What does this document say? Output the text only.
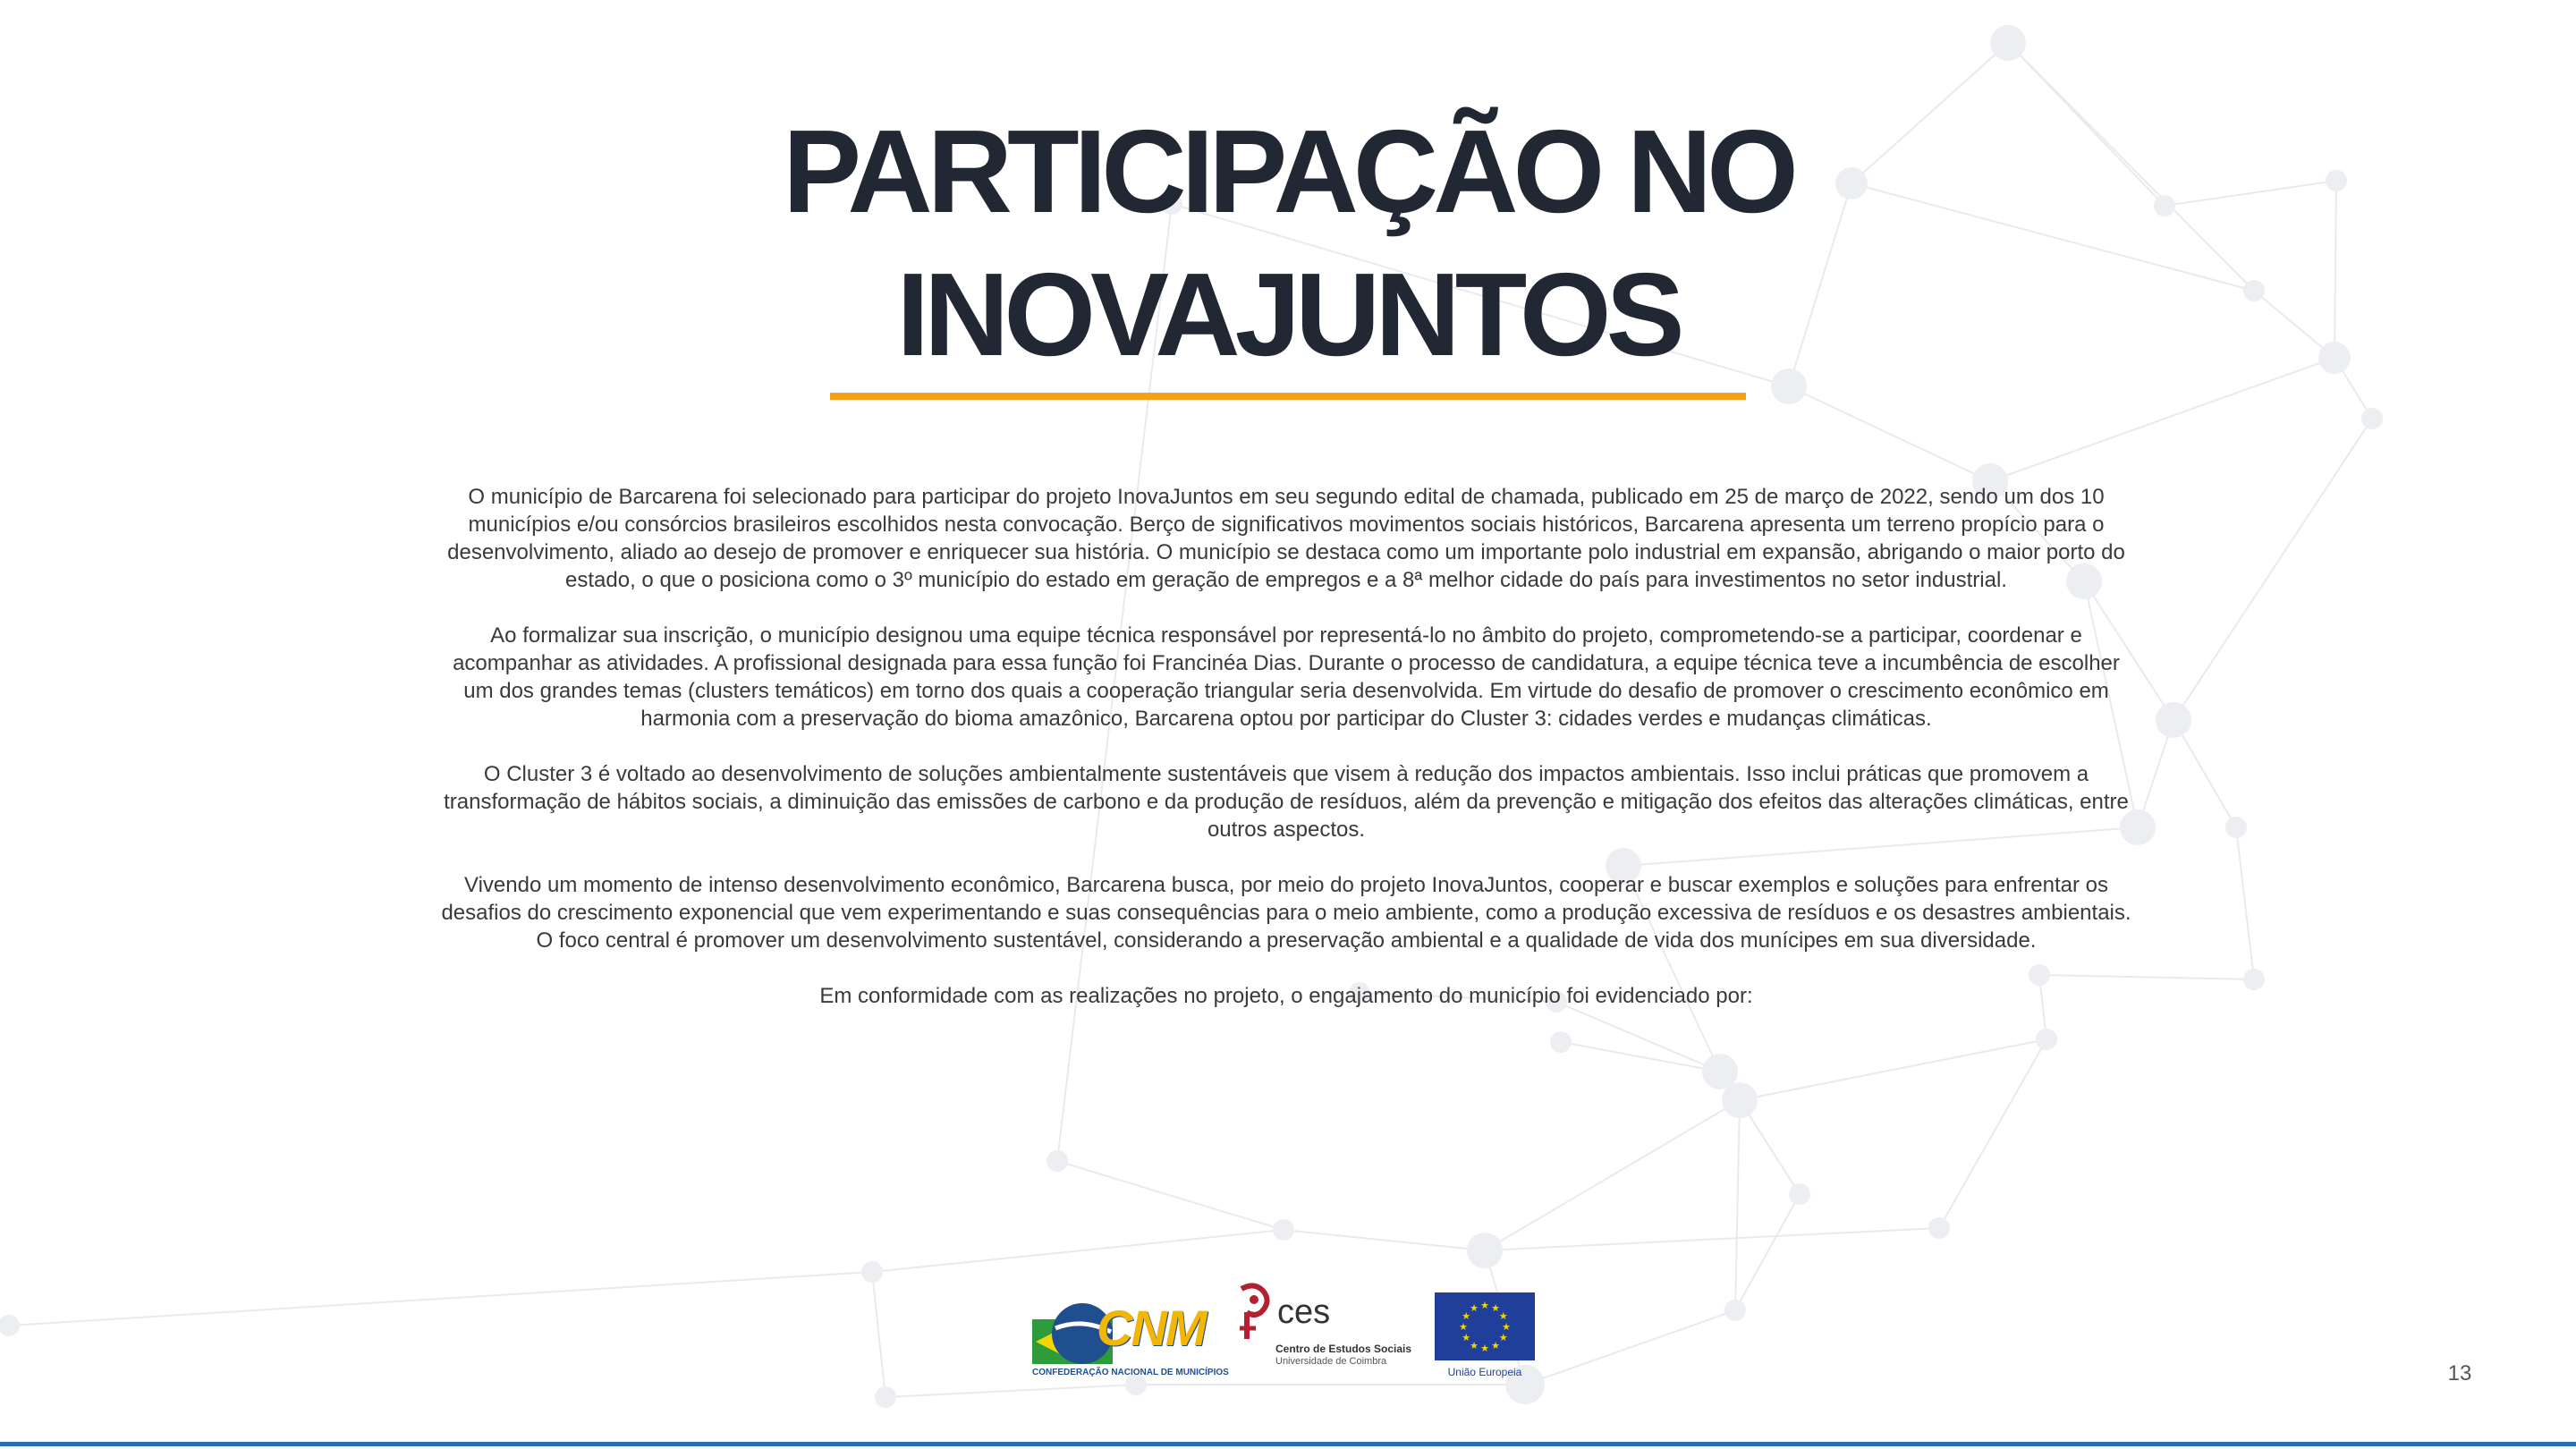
PARTICIPAÇÃO NO
INOVAJUNTOS

O município de Barcarena foi selecionado para participar do projeto InovaJuntos em seu segundo edital de chamada, publicado em 25 de março de 2022, sendo um dos 10 municípios e/ou consórcios brasileiros escolhidos nesta convocação. Berço de significativos movimentos sociais históricos, Barcarena apresenta um terreno propício para o desenvolvimento, aliado ao desejo de promover e enriquecer sua história. O município se destaca como um importante polo industrial em expansão, abrigando o maior porto do estado, o que o posiciona como o 3º município do estado em geração de empregos e a 8ª melhor cidade do país para investimentos no setor industrial.

Ao formalizar sua inscrição, o município designou uma equipe técnica responsável por representá-lo no âmbito do projeto, comprometendo-se a participar, coordenar e acompanhar as atividades. A profissional designada para essa função foi Francinéa Dias. Durante o processo de candidatura, a equipe técnica teve a incumbência de escolher um dos grandes temas (clusters temáticos) em torno dos quais a cooperação triangular seria desenvolvida. Em virtude do desafio de promover o crescimento econômico em harmonia com a preservação do bioma amazônico, Barcarena optou por participar do Cluster 3: cidades verdes e mudanças climáticas.

O Cluster 3 é voltado ao desenvolvimento de soluções ambientalmente sustentáveis que visem à redução dos impactos ambientais. Isso inclui práticas que promovem a transformação de hábitos sociais, a diminuição das emissões de carbono e da produção de resíduos, além da prevenção e mitigação dos efeitos das alterações climáticas, entre outros aspectos.

Vivendo um momento de intenso desenvolvimento econômico, Barcarena busca, por meio do projeto InovaJuntos, cooperar e buscar exemplos e soluções para enfrentar os desafios do crescimento exponencial que vem experimentando e suas consequências para o meio ambiente, como a produção excessiva de resíduos e os desastres ambientais. O foco central é promover um desenvolvimento sustentável, considerando a preservação ambiental e a qualidade de vida dos munícipes em sua diversidade.

Em conformidade com as realizações no projeto, o engajamento do município foi evidenciado por:

CNM
CONFEDERAÇÃO NACIONAL DE MUNICÍPIOS
ces
Centro de Estudos Sociais
Universidade de Coimbra
★
★
★
★
★
★
★
★
★ ★ ★
★
União Europeia	13
